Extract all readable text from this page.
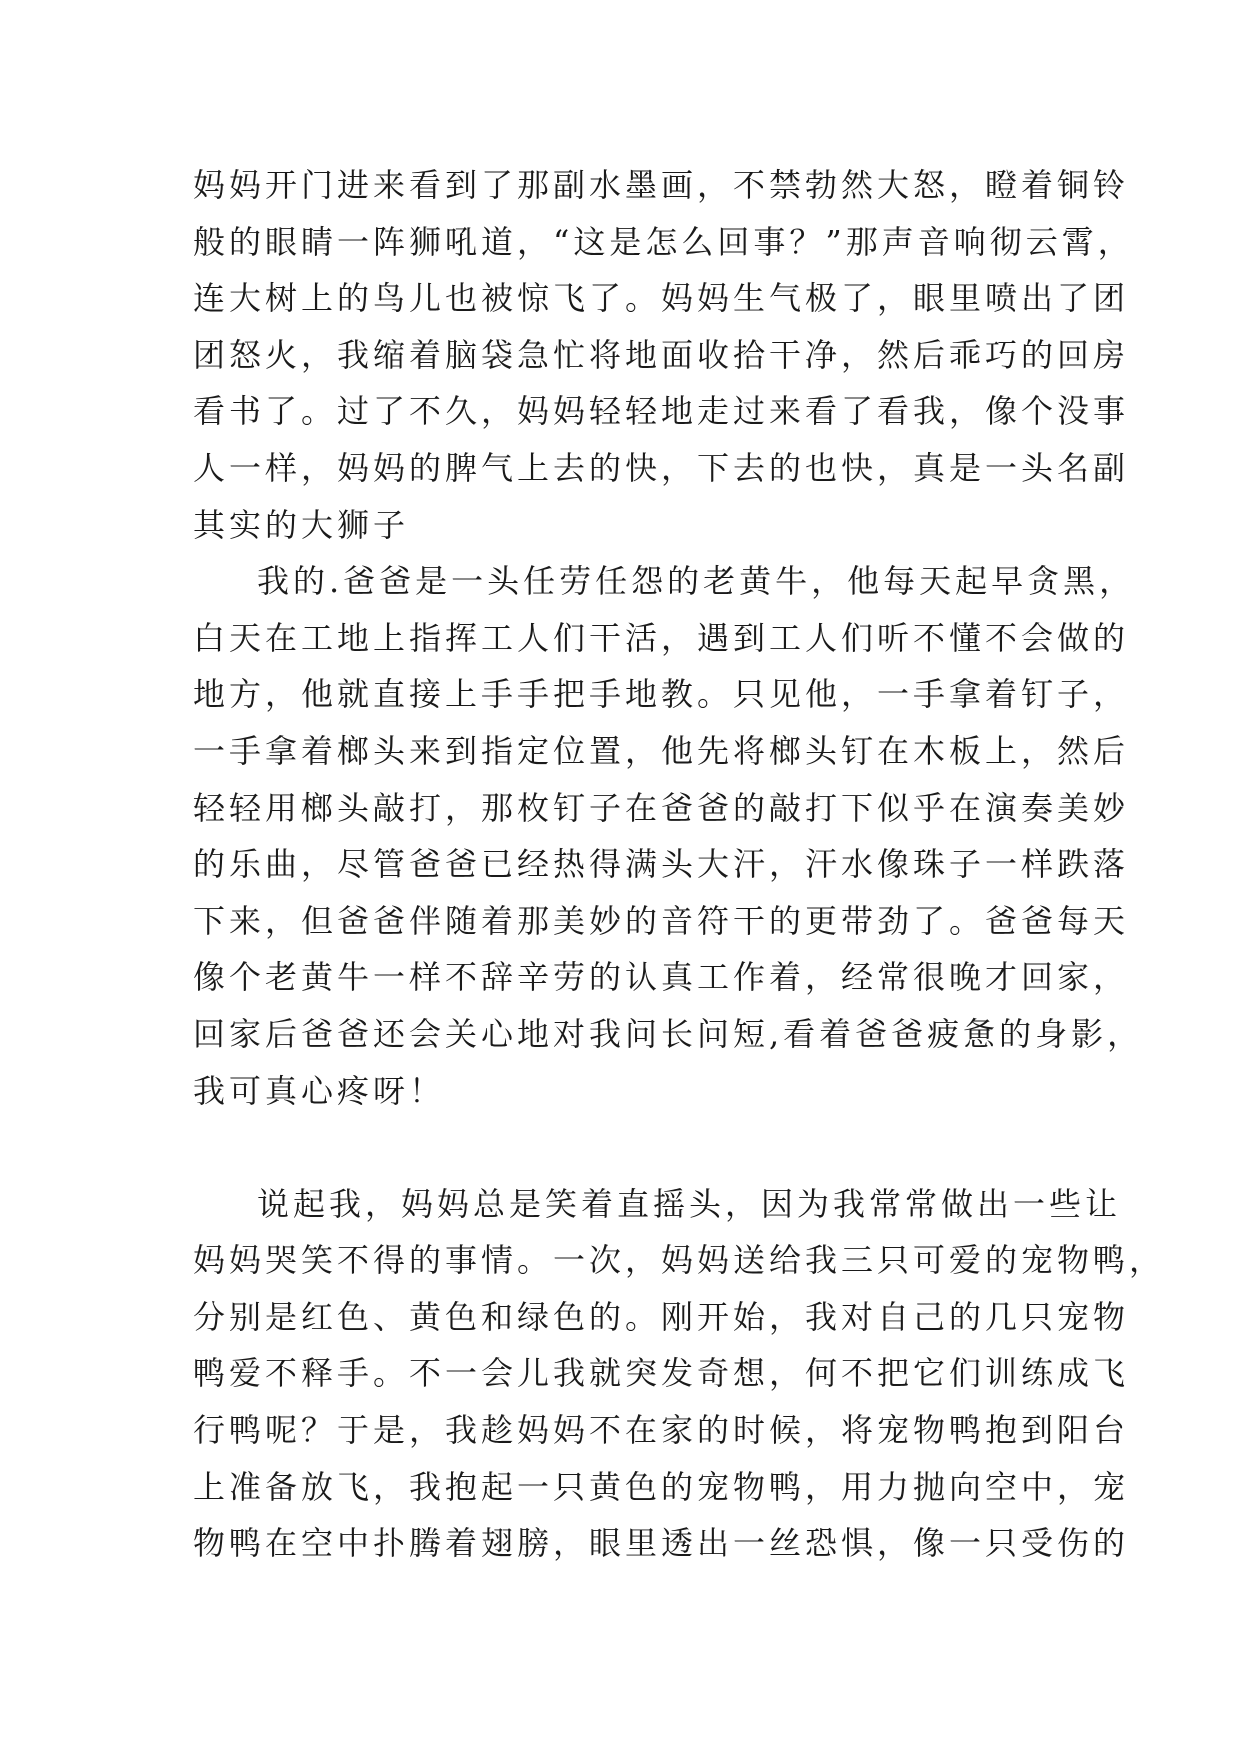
妈妈开门进来看到了那副水墨画，不禁勃然大怒，瞪着铜铃
般的眼睛一阵狮吼道，“这是怎么回事？”那声音响彻云霄，
连大树上的鸟儿也被惊飞了。妈妈生气极了，眼里喷出了团
团怒火，我缩着脑袋急忙将地面收拾干净，然后乖巧的回房
看书了。过了不久，妈妈轻轻地走过来看了看我，像个没事
人一样，妈妈的脾气上去的快，下去的也快，真是一头名副
其实的大狮子
我的.爸爸是一头任劳任怨的老黄牛，他每天起早贪黑，
白天在工地上指挥工人们干活，遇到工人们听不懂不会做的
地方，他就直接上手手把手地教。只见他，一手拿着钉子，
一手拿着榔头来到指定位置，他先将榔头钉在木板上，然后
轻轻用榔头敲打，那枚钉子在爸爸的敲打下似乎在演奏美妙
的乐曲，尽管爸爸已经热得满头大汗，汗水像珠子一样跌落
下来，但爸爸伴随着那美妙的音符干的更带劲了。爸爸每天
像个老黄牛一样不辞辛劳的认真工作着，经常很晚才回家，
回家后爸爸还会关心地对我问长问短,看着爸爸疲惫的身影，
我可真心疼呀！
说起我，妈妈总是笑着直摇头，因为我常常做出一些让
妈妈哭笑不得的事情。一次，妈妈送给我三只可爱的宠物鸭，
分别是红色、黄色和绿色的。刚开始，我对自己的几只宠物
鸭爱不释手。不一会儿我就突发奇想，何不把它们训练成飞
行鸭呢？于是，我趁妈妈不在家的时候，将宠物鸭抱到阳台
上准备放飞，我抱起一只黄色的宠物鸭，用力抛向空中，宠
物鸭在空中扑腾着翅膀，眼里透出一丝恐惧，像一只受伤的
